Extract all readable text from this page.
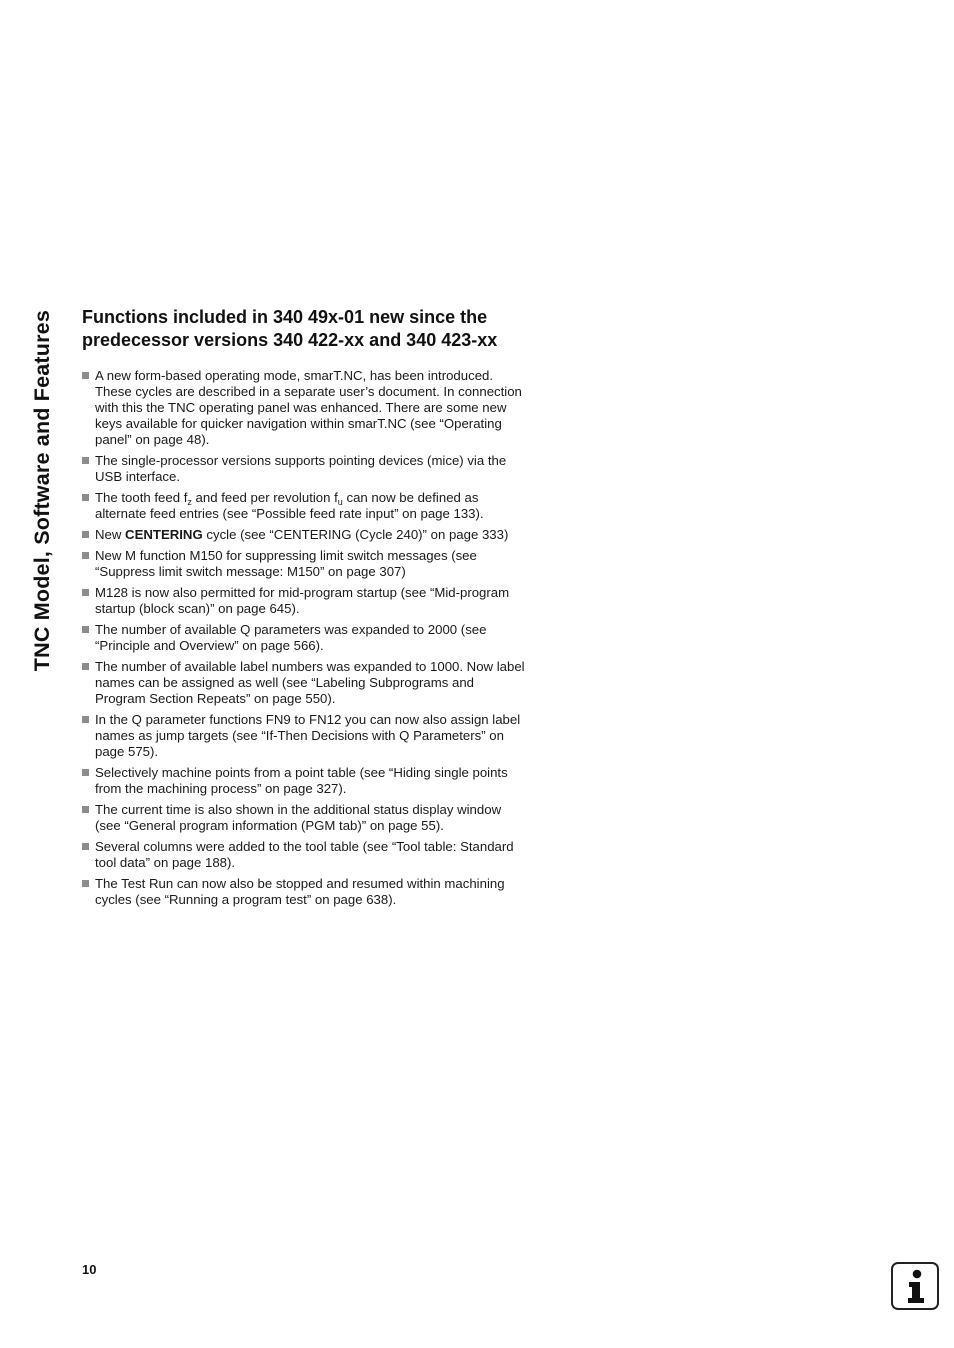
TNC Model, Software and Features	Functions included in 340 49x-01 new since the predecessor versions 340 422-xx and 340 423-xx
A new form-based operating mode, smarT.NC, has been introduced. These cycles are described in a separate user’s document. In connection with this the TNC operating panel was enhanced. There are some new keys available for quicker navigation within smarT.NC (see “Operating panel” on page 48).
The single-processor versions supports pointing devices (mice) via the USB interface.
The tooth feed $f_z$ and feed per revolution $f_u$ can now be defined as alternate feed entries (see “Possible feed rate input” on page 133).
New CENTERING cycle (see “CENTERING (Cycle 240)” on page 333)
New M function M150 for suppressing limit switch messages (see “Suppress limit switch message: M150” on page 307)
M128 is now also permitted for mid-program startup (see “Mid-program startup (block scan)” on page 645).
The number of available Q parameters was expanded to 2000 (see “Principle and Overview” on page 566).
The number of available label numbers was expanded to 1000. Now label names can be assigned as well (see “Labeling Subprograms and Program Section Repeats” on page 550).
In the Q parameter functions FN9 to FN12 you can now also assign label names as jump targets (see “If-Then Decisions with Q Parameters” on page 575).
Selectively machine points from a point table (see “Hiding single points from the machining process” on page 327).
The current time is also shown in the additional status display window (see “General program information (PGM tab)” on page 55).
Several columns were added to the tool table (see “Tool table: Standard tool data” on page 188).
The Test Run can now also be stopped and resumed within machining cycles (see “Running a program test” on page 638).
10
